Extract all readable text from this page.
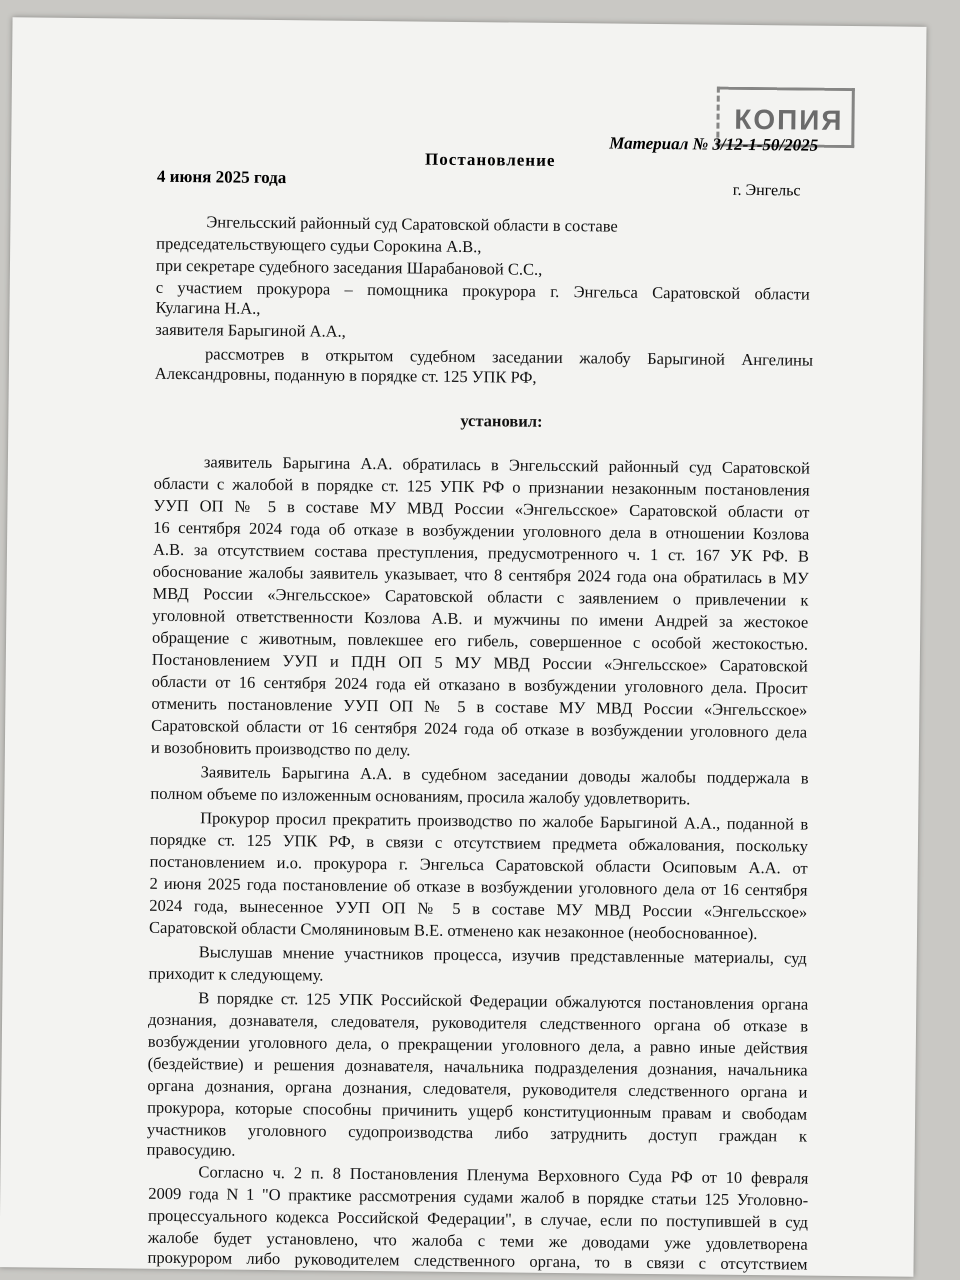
КОПИЯ
Материал № 3/12-1-50/2025
Постановление
4 июня 2025 года
г. Энгельс
Энгельсский районный суд Саратовской области в составе
председательствующего судьи Сорокина А.В.,
при секретаре судебного заседания Шарабановой С.С.,
с участием прокурора – помощника прокурора г. Энгельса Саратовской области
Кулагина Н.А.,
заявителя Барыгиной А.А.,
рассмотрев в открытом судебном заседании жалобу Барыгиной Ангелины
Александровны, поданную в порядке ст. 125 УПК РФ,
установил:
заявитель Барыгина А.А. обратилась в Энгельсский районный суд Саратовской
области с жалобой в порядке ст. 125 УПК РФ о признании незаконным постановления
УУП ОП № 5 в составе МУ МВД России «Энгельсское» Саратовской области от
16 сентября 2024 года об отказе в возбуждении уголовного дела в отношении Козлова
А.В. за отсутствием состава преступления, предусмотренного ч. 1 ст. 167 УК РФ. В
обоснование жалобы заявитель указывает, что 8 сентября 2024 года она обратилась в МУ
МВД России «Энгельсское» Саратовской области с заявлением о привлечении к
уголовной ответственности Козлова А.В. и мужчины по имени Андрей за жестокое
обращение с животным, повлекшее его гибель, совершенное с особой жестокостью.
Постановлением УУП и ПДН ОП 5 МУ МВД России «Энгельсское» Саратовской
области от 16 сентября 2024 года ей отказано в возбуждении уголовного дела. Просит
отменить постановление УУП ОП № 5 в составе МУ МВД России «Энгельсское»
Саратовской области от 16 сентября 2024 года об отказе в возбуждении уголовного дела
и возобновить производство по делу.
Заявитель Барыгина А.А. в судебном заседании доводы жалобы поддержала в
полном объеме по изложенным основаниям, просила жалобу удовлетворить.
Прокурор просил прекратить производство по жалобе Барыгиной А.А., поданной в
порядке ст. 125 УПК РФ, в связи с отсутствием предмета обжалования, поскольку
постановлением и.о. прокурора г. Энгельса Саратовской области Осиповым А.А. от
2 июня 2025 года постановление об отказе в возбуждении уголовного дела от 16 сентября
2024 года, вынесенное УУП ОП № 5 в составе МУ МВД России «Энгельсское»
Саратовской области Смоляниновым В.Е. отменено как незаконное (необоснованное).
Выслушав мнение участников процесса, изучив представленные материалы, суд
приходит к следующему.
В порядке ст. 125 УПК Российской Федерации обжалуются постановления органа
дознания, дознавателя, следователя, руководителя следственного органа об отказе в
возбуждении уголовного дела, о прекращении уголовного дела, а равно иные действия
(бездействие) и решения дознавателя, начальника подразделения дознания, начальника
органа дознания, органа дознания, следователя, руководителя следственного органа и
прокурора, которые способны причинить ущерб конституционным правам и свободам
участников уголовного судопроизводства либо затруднить доступ граждан к
правосудию.
Согласно ч. 2 п. 8 Постановления Пленума Верховного Суда РФ от 10 февраля
2009 года N 1 "О практике рассмотрения судами жалоб в порядке статьи 125 Уголовно-
процессуального кодекса Российской Федерации", в случае, если по поступившей в суд
жалобе будет установлено, что жалоба с теми же доводами уже удовлетворена
прокурором либо руководителем следственного органа, то в связи с отсутствием
